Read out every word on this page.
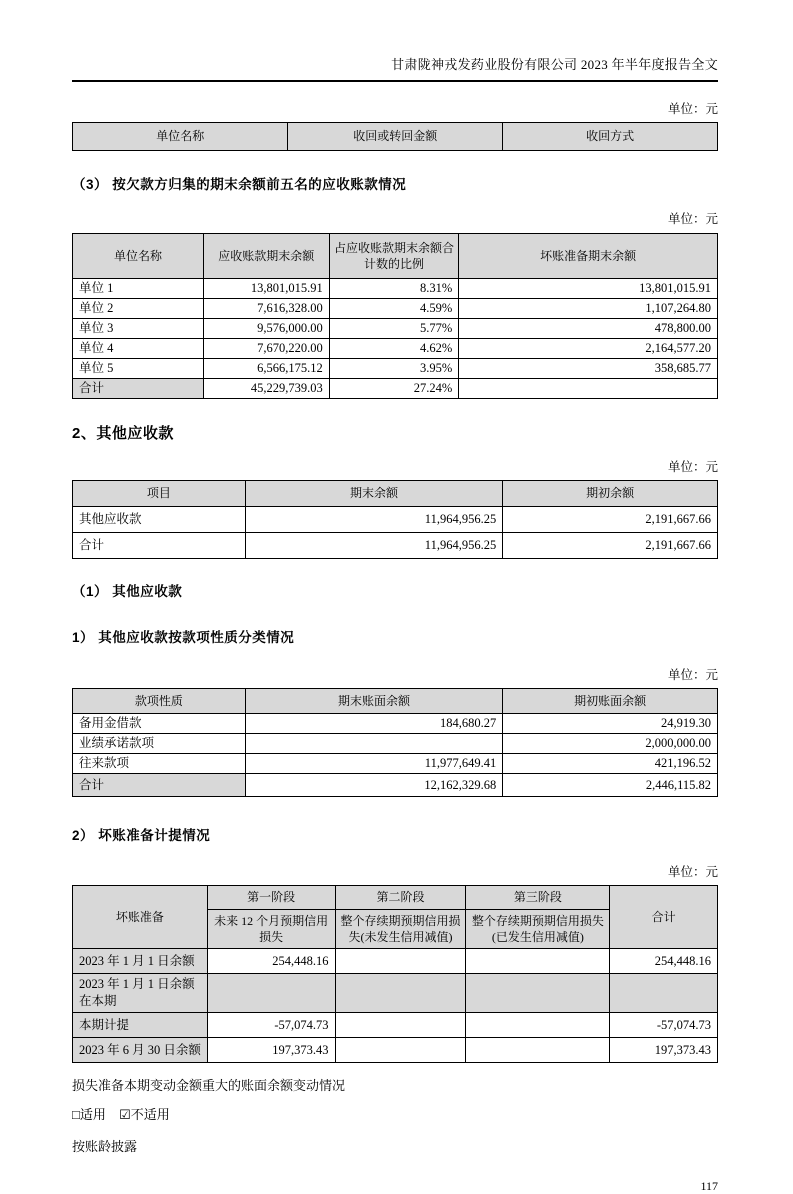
甘肃陇神戎发药业股份有限公司 2023 年半年度报告全文
单位：元
单位名称	收回或转回金额	收回方式
（3） 按欠款方归集的期末余额前五名的应收账款情况
单位：元
单位名称	应收账款期末余额	占应收账款期末余额合计数的比例	坏账准备期末余额
单位 1	13,801,015.91	8.31%	13,801,015.91
单位 2	7,616,328.00	4.59%	1,107,264.80
单位 3	9,576,000.00	5.77%	478,800.00
单位 4	7,670,220.00	4.62%	2,164,577.20
单位 5	6,566,175.12	3.95%	358,685.77
合计	45,229,739.03	27.24%	
2、其他应收款
单位：元
项目	期末余额	期初余额
其他应收款	11,964,956.25	2,191,667.66
合计	11,964,956.25	2,191,667.66
（1） 其他应收款
1） 其他应收款按款项性质分类情况
单位：元
款项性质	期末账面余额	期初账面余额
备用金借款	184,680.27	24,919.30
业绩承诺款项		2,000,000.00
往来款项	11,977,649.41	421,196.52
合计	12,162,329.68	2,446,115.82
2） 坏账准备计提情况
单位：元
坏账准备	第一阶段	第二阶段	第三阶段	合计
	未来 12 个月预期信用损失	整个存续期预期信用损失(未发生信用减值)	整个存续期预期信用损失(已发生信用减值)	
2023 年 1 月 1 日余额	254,448.16			254,448.16
2023 年 1 月 1 日余额在本期				
本期计提	-57,074.73			-57,074.73
2023 年 6 月 30 日余额	197,373.43			197,373.43
损失准备本期变动金额重大的账面余额变动情况
□适用 ☑不适用
按账龄披露
117
